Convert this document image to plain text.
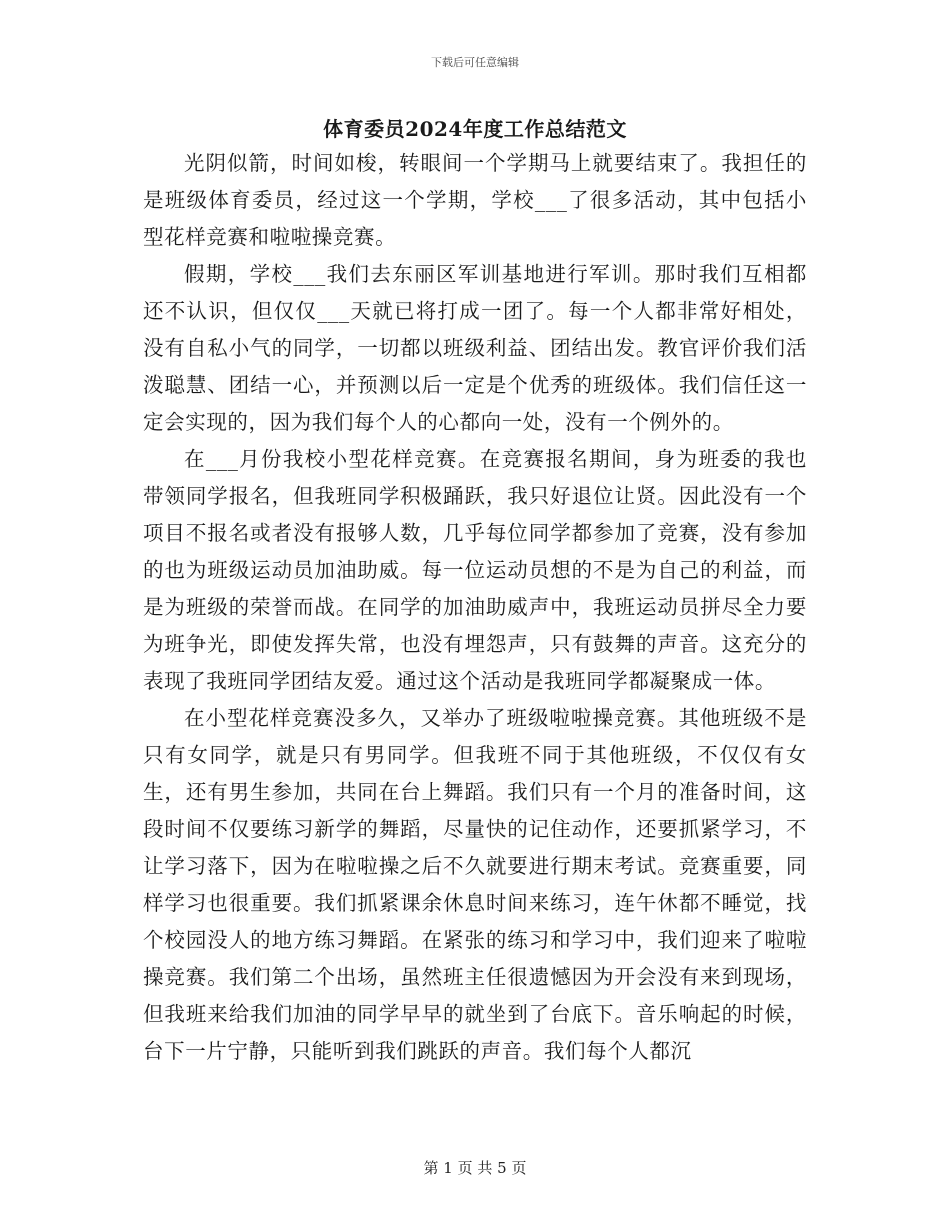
下载后可任意编辑
体育委员2024年度工作总结范文

光阴似箭，时间如梭，转眼间一个学期马上就要结束了。我担任的是班级体育委员，经过这一个学期，学校___了很多活动，其中包括小型花样竞赛和啦啦操竞赛。

假期，学校___我们去东丽区军训基地进行军训。那时我们互相都还不认识，但仅仅___天就已将打成一团了。每一个人都非常好相处，没有自私小气的同学，一切都以班级利益、团结出发。教官评价我们活泼聪慧、团结一心，并预测以后一定是个优秀的班级体。我们信任这一定会实现的，因为我们每个人的心都向一处，没有一个例外的。

在___月份我校小型花样竞赛。在竞赛报名期间，身为班委的我也带领同学报名，但我班同学积极踊跃，我只好退位让贤。因此没有一个项目不报名或者没有报够人数，几乎每位同学都参加了竞赛，没有参加的也为班级运动员加油助威。每一位运动员想的不是为自己的利益，而是为班级的荣誉而战。在同学的加油助威声中，我班运动员拼尽全力要为班争光，即使发挥失常，也没有埋怨声，只有鼓舞的声音。这充分的表现了我班同学团结友爱。通过这个活动是我班同学都凝聚成一体。

在小型花样竞赛没多久，又举办了班级啦啦操竞赛。其他班级不是只有女同学，就是只有男同学。但我班不同于其他班级，不仅仅有女生，还有男生参加，共同在台上舞蹈。我们只有一个月的准备时间，这段时间不仅要练习新学的舞蹈，尽量快的记住动作，还要抓紧学习，不让学习落下，因为在啦啦操之后不久就要进行期末考试。竞赛重要，同样学习也很重要。我们抓紧课余休息时间来练习，连午休都不睡觉，找个校园没人的地方练习舞蹈。在紧张的练习和学习中，我们迎来了啦啦操竞赛。我们第二个出场，虽然班主任很遗憾因为开会没有来到现场，但我班来给我们加油的同学早早的就坐到了台底下。音乐响起的时候，台下一片宁静，只能听到我们跳跃的声音。我们每个人都沉

第 1 页 共 5 页
